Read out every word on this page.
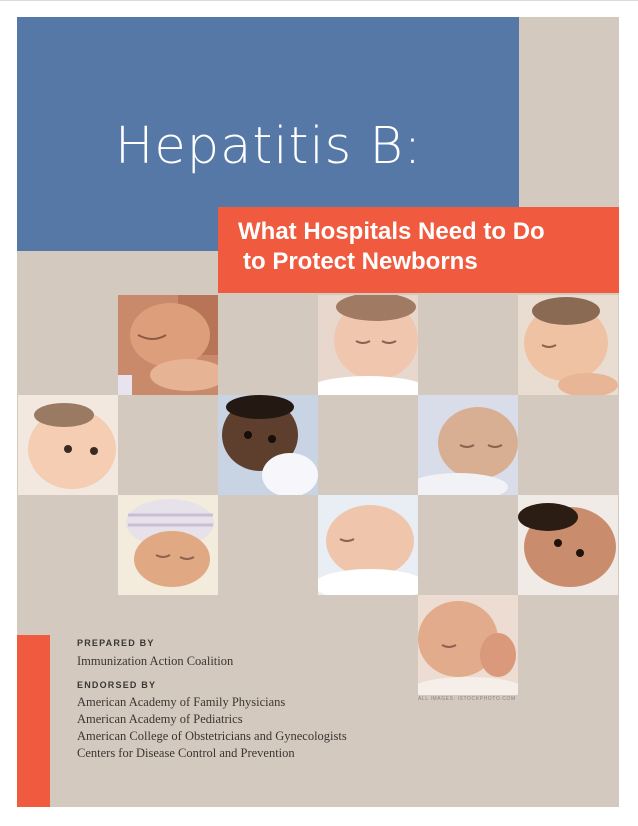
Hepatitis B:
What Hospitals Need to Do
to Protect Newborns
ALL IMAGES: ISTOCKPHOTO.COM

PREPARED BY

Immunization Action Coalition

ENDORSED BY

American Academy of Family Physicians
American Academy of Pediatrics
American College of Obstetricians and Gynecologists
Centers for Disease Control and Prevention
